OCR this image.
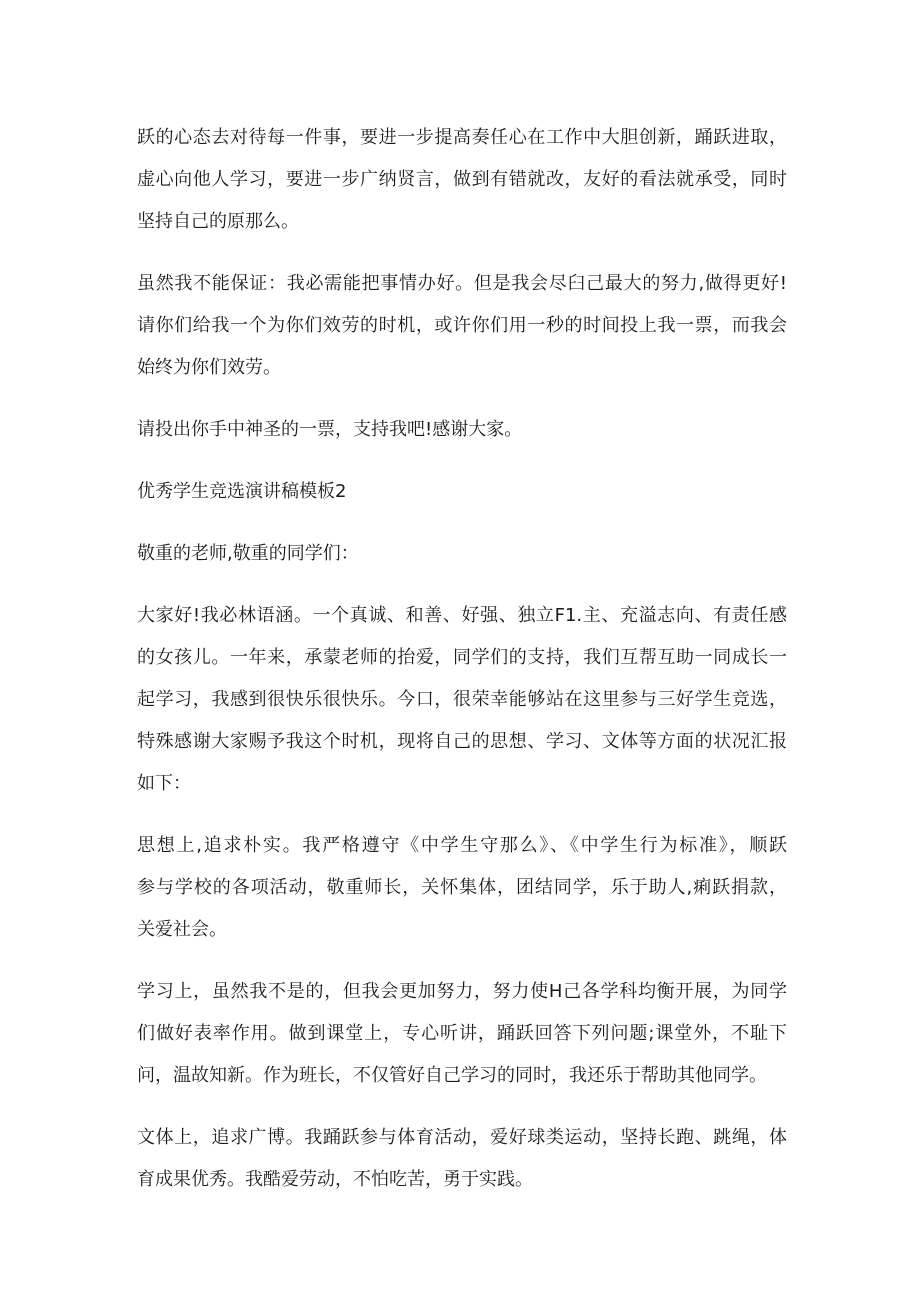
跃的心态去对待每一件事，要进一步提高奏任心在工作中大胆创新，踊跃进取，
虚心向他人学习，要进一步广纳贤言，做到有错就改，友好的看法就承受，同时
坚持自己的原那么。
虽然我不能保证：我必需能把事情办好。但是我会尽臼己最大的努力,做得更好!
请你们给我一个为你们效劳的时机，或许你们用一秒的时间投上我一票，而我会
始终为你们效劳。
请投出你手中神圣的一票，支持我吧!感谢大家。
优秀学生竞选演讲稿模板2
敬重的老师,敬重的同学们：
大家好!我必林语涵。一个真诚、和善、好强、独立F1.主、充溢志向、有责任感
的女孩儿。一年来，承蒙老师的抬爱，同学们的支持，我们互帮互助一同成长一
起学习，我感到很快乐很快乐。今口，很荣幸能够站在这里参与三好学生竞选，
特殊感谢大家赐予我这个时机，现将自己的思想、学习、文体等方面的状况汇报
如下：
思想上,追求朴实。我严格遵守《中学生守那么》、《中学生行为标准》，顺跃
参与学校的各项活动，敬重师长，关怀集体，团结同学，乐于助人,痢跃捐款，
关爱社会。
学习上，虽然我不是的，但我会更加努力，努力使H己各学科均衡开展，为同学
们做好表率作用。做到课堂上，专心听讲，踊跃回答下列问题;课堂外，不耻下
问，温故知新。作为班长，不仅管好自己学习的同时，我还乐于帮助其他同学。
文体上，追求广博。我踊跃参与体育活动，爱好球类运动，坚持长跑、跳绳，体
育成果优秀。我酷爱劳动，不怕吃苦，勇于实践。
